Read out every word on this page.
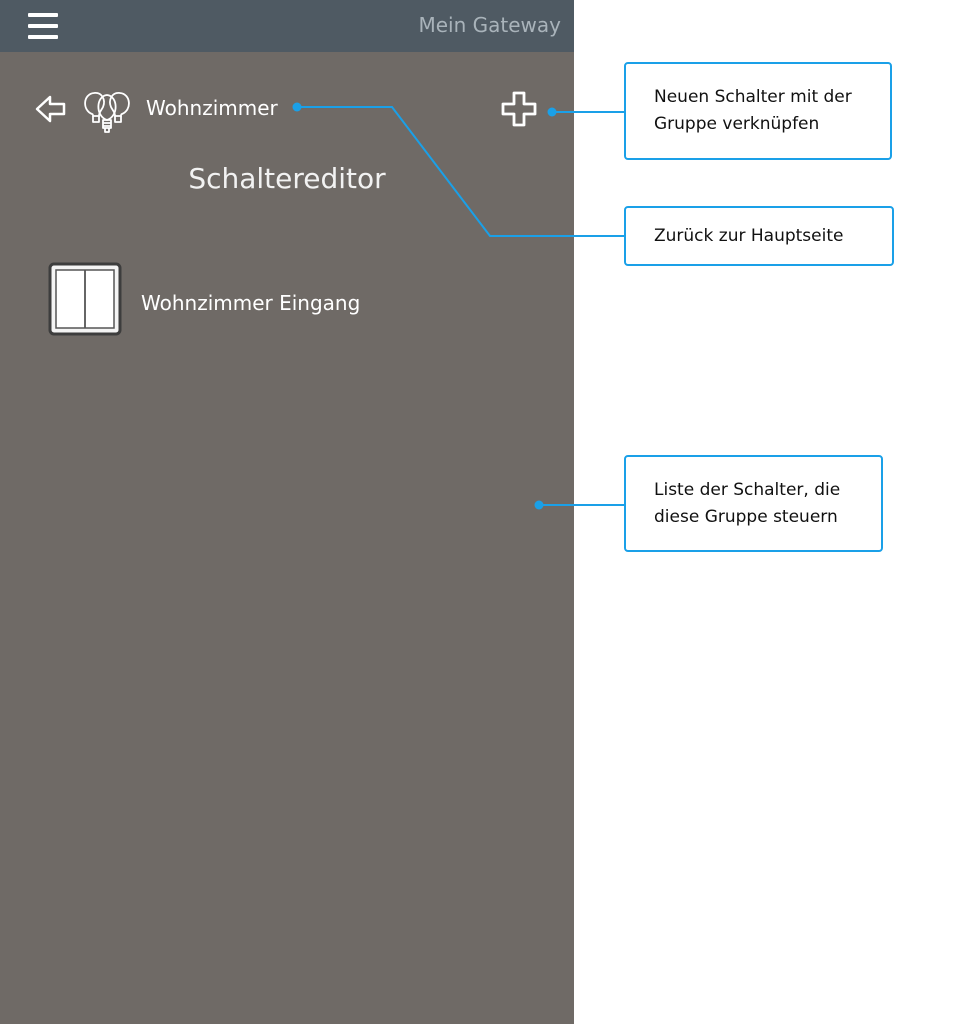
Mein Gateway
Wohnzimmer
Schaltereditor
Wohnzimmer Eingang
Neuen Schalter mit der Gruppe verknüpfen
Zurück zur Hauptseite
Liste der Schalter, die diese Gruppe steuern
